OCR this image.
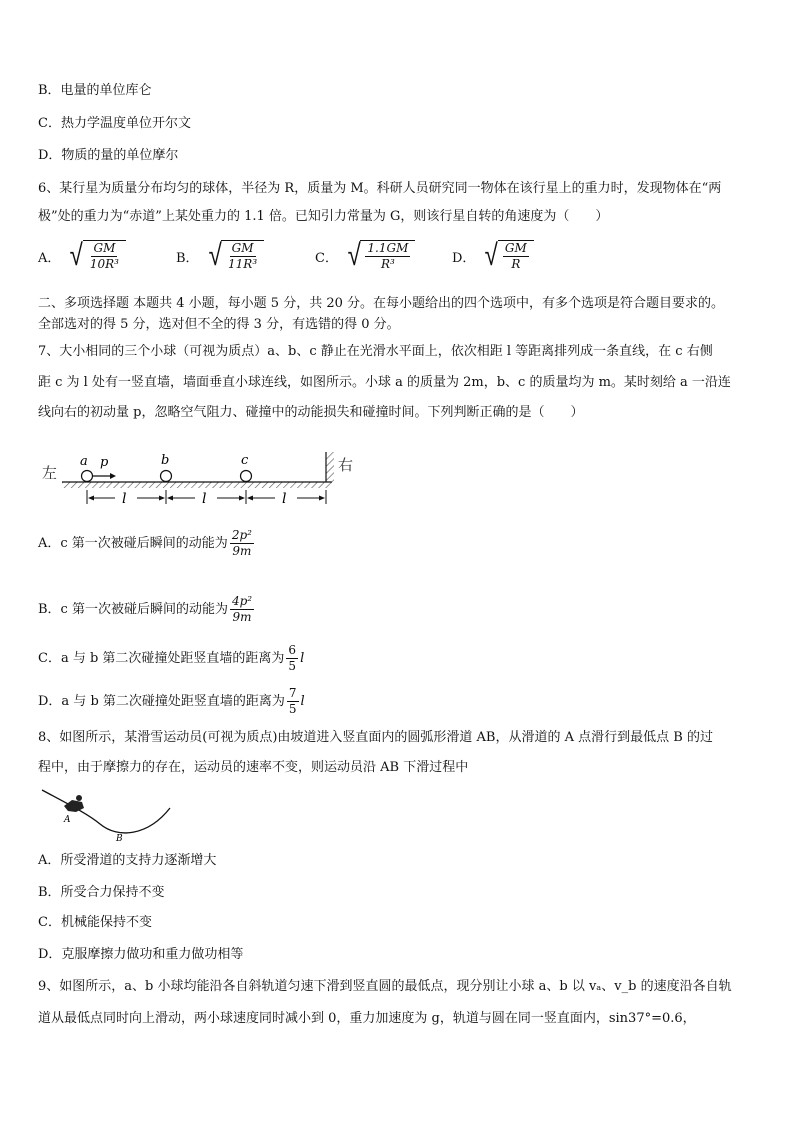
B．电量的单位库仑
C．热力学温度单位开尔文
D．物质的量的单位摩尔
6、某行星为质量分布均匀的球体，半径为 R，质量为 M。科研人员研究同一物体在该行星上的重力时，发现物体在“两
极”处的重力为“赤道”上某处重力的 1.1 倍。已知引力常量为 G，则该行星自转的角速度为（　　）
A． √ $\frac{GM}{\text{10R³}}$	B． √ $\frac{GM}{\text{11R³}}$	C． √ $\frac{1.1GM}{\text{R³}}$	D． √ $\frac{GM}{R}$
二、多项选择题 本题共 4 小题，每小题 5 分，共 20 分。在每小题给出的四个选项中，有多个选项是符合题目要求的。
全部选对的得 5 分，选对但不全的得 3 分，有选错的得 0 分。
7、大小相同的三个小球（可视为质点）a、b、c 静止在光滑水平面上，依次相距 l 等距离排列成一条直线，在 c 右侧
距 c 为 l 处有一竖直墙，墙面垂直小球连线，如图所示。小球 a 的质量为 2m，b、c 的质量均为 m。某时刻给 a 一沿连
线向右的初动量 p，忽略空气阻力、碰撞中的动能损失和碰撞时间。下列判断正确的是（　　）
左	右
a	b	c
p
l	l	l
A．c 第一次被碰后瞬间的动能为 $\frac{\text{2p²}}{9m}$
B．c 第一次被碰后瞬间的动能为 $\frac{\text{4p²}}{9m}$
C．a 与 b 第二次碰撞处距竖直墙的距离为 $\frac{6}{5}$ l
D．a 与 b 第二次碰撞处距竖直墙的距离为 $\frac{7}{5}$ l
8、如图所示，某滑雪运动员(可视为质点)由坡道进入竖直面内的圆弧形滑道 AB，从滑道的 A 点滑行到最低点 B 的过
程中，由于摩擦力的存在，运动员的速率不变，则运动员沿 AB 下滑过程中
A
B
A．所受滑道的支持力逐渐增大
B．所受合力保持不变
C．机械能保持不变
D．克服摩擦力做功和重力做功相等
9、如图所示，a、b 小球均能沿各自斜轨道匀速下滑到竖直圆的最低点，现分别让小球 a、b 以 vₐ、v_b 的速度沿各自轨
道从最低点同时向上滑动，两小球速度同时减小到 0，重力加速度为 g，轨道与圆在同一竖直面内，sin37°=0.6，
